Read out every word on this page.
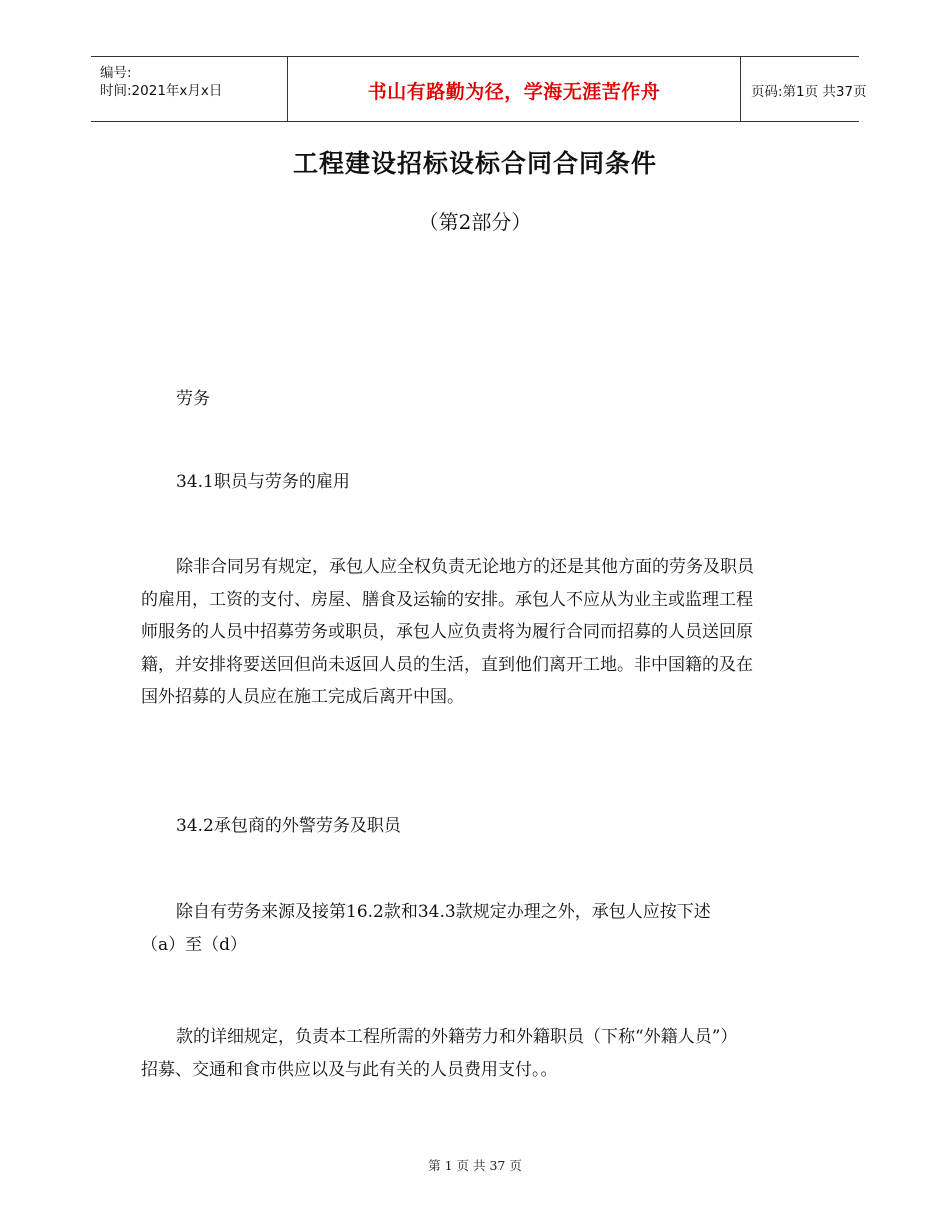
编号:
时间:2021年x月x日	书山有路勤为径，学海无涯苦作舟	页码:第1页 共37页
工程建设招标设标合同合同条件
（第2部分）
劳务
34.1职员与劳务的雇用
除非合同另有规定，承包人应全权负责无论地方的还是其他方面的劳务及职员
的雇用，工资的支付、房屋、膳食及运输的安排。承包人不应从为业主或监理工程
师服务的人员中招募劳务或职员，承包人应负责将为履行合同而招募的人员送回原
籍，并安排将要送回但尚未返回人员的生活，直到他们离开工地。非中国籍的及在
国外招募的人员应在施工完成后离开中国。
34.2承包商的外警劳务及职员
除自有劳务来源及接第16.2款和34.3款规定办理之外，承包人应按下述
（a）至（d）
款的详细规定，负责本工程所需的外籍劳力和外籍职员（下称“外籍人员”）
招募、交通和食市供应以及与此有关的人员费用支付。。
第 1 页 共 37 页
